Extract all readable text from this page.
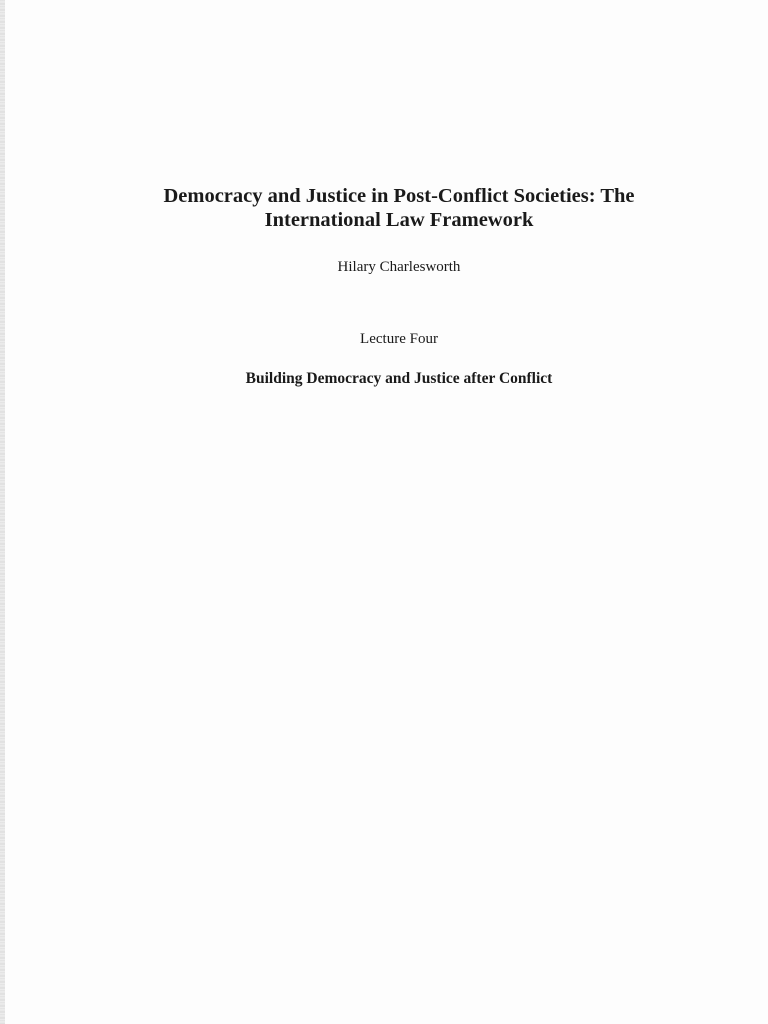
Democracy and Justice in Post-Conflict Societies: The
International Law Framework
Hilary Charlesworth
Lecture Four
Building Democracy and Justice after Conflict
